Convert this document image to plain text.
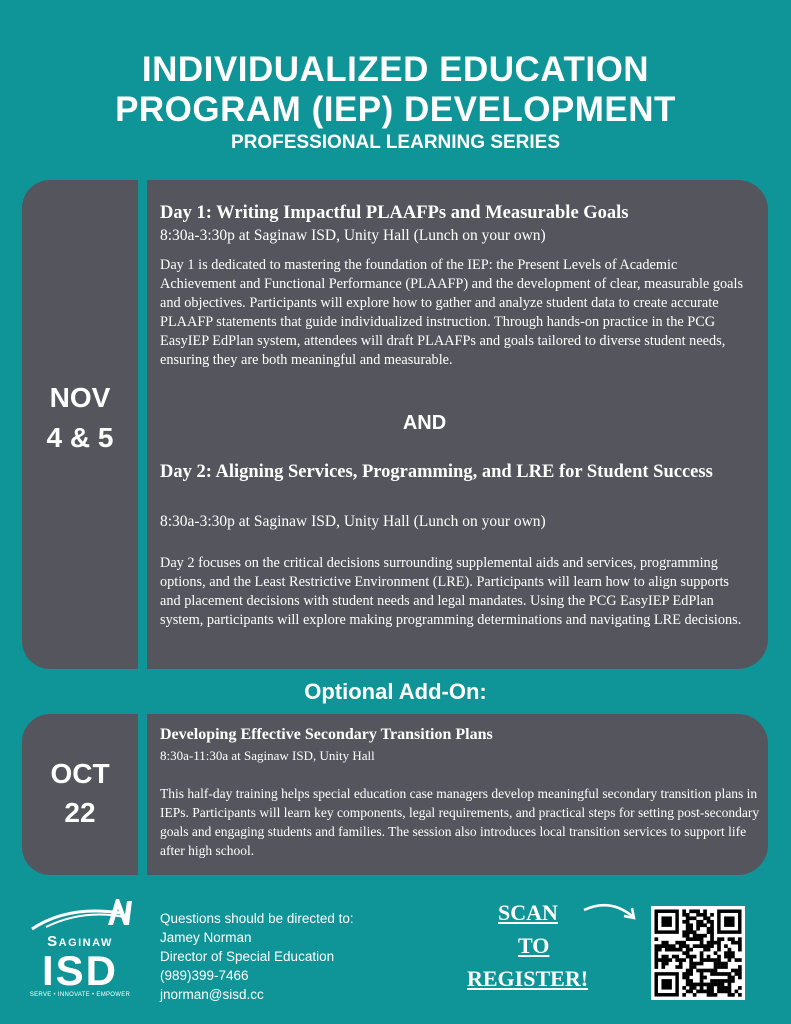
INDIVIDUALIZED EDUCATION
PROGRAM (IEP) DEVELOPMENT
PROFESSIONAL LEARNING SERIES
NOV
4 & 5
Day 1: Writing Impactful PLAAFPs and Measurable Goals
8:30a-3:30p at Saginaw ISD, Unity Hall (Lunch on your own)
Day 1 is dedicated to mastering the foundation of the IEP: the Present Levels of Academic Achievement and Functional Performance (PLAAFP) and the development of clear, measurable goals and objectives. Participants will explore how to gather and analyze student data to create accurate PLAAFP statements that guide individualized instruction. Through hands-on practice in the PCG EasyIEP EdPlan system, attendees will draft PLAAFPs and goals tailored to diverse student needs, ensuring they are both meaningful and measurable.
AND
Day 2: Aligning Services, Programming, and LRE for Student Success
8:30a-3:30p at Saginaw ISD, Unity Hall (Lunch on your own)
Day 2 focuses on the critical decisions surrounding supplemental aids and services, programming options, and the Least Restrictive Environment (LRE). Participants will learn how to align supports and placement decisions with student needs and legal mandates. Using the PCG EasyIEP EdPlan system, participants will explore making programming determinations and navigating LRE decisions.
Optional Add-On:
OCT
22
Developing Effective Secondary Transition Plans
8:30a-11:30a at Saginaw ISD, Unity Hall
This half-day training helps special education case managers develop meaningful secondary transition plans in IEPs. Participants will learn key components, legal requirements, and practical steps for setting post-secondary goals and engaging students and families. The session also introduces local transition services to support life after high school.
Saginaw
ISD
SERVE • INNOVATE • EMPOWER
Questions should be directed to:
Jamey Norman
Director of Special Education
(989)399-7466
jnorman@sisd.cc
SCAN
TO
REGISTER!
